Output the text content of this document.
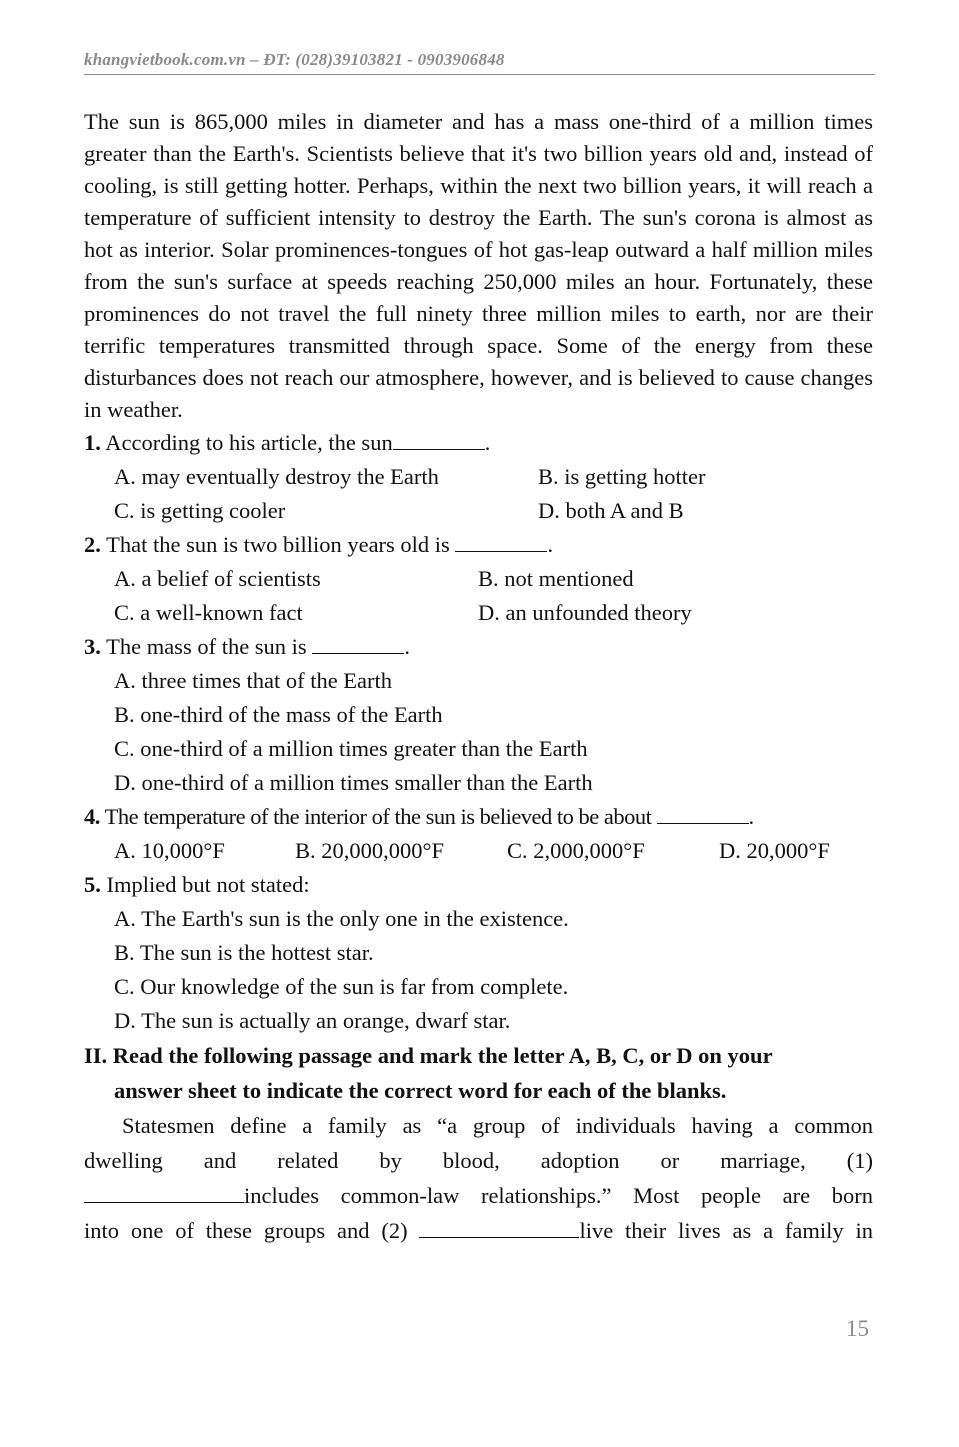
khangvietbook.com.vn – ĐT: (028)39103821 - 0903906848

The sun is 865,000 miles in diameter and has a mass one-third of a million times greater than the Earth's. Scientists believe that it's two billion years old and, instead of cooling, is still getting hotter. Perhaps, within the next two billion years, it will reach a temperature of sufficient intensity to destroy the Earth. The sun's corona is almost as hot as interior. Solar prominences-tongues of hot gas-leap outward a half million miles from the sun's surface at speeds reaching 250,000 miles an hour. Fortunately, these prominences do not travel the full ninety three million miles to earth, nor are their terrific temperatures transmitted through space. Some of the energy from these disturbances does not reach our atmosphere, however, and is believed to cause changes in weather.

1. According to his article, the sun	.

A. may eventually destroy the Earth	B. is getting hotter
C. is getting cooler	D. both A and B

2. That the sun is two billion years old is	.

A. a belief of scientists	B. not mentioned
C. a well-known fact	D. an unfounded theory

3. The mass of the sun is	.

A. three times that of the Earth
B. one-third of the mass of the Earth
C. one-third of a million times greater than the Earth
D. one-third of a million times smaller than the Earth

4. The temperature of the interior of the sun is believed to be about	.

A. 10,000°F	B. 20,000,000°F	C. 2,000,000°F	D. 20,000°F

5. Implied but not stated:

A. The Earth's sun is the only one in the existence.
B. The sun is the hottest star.
C. Our knowledge of the sun is far from complete.
D. The sun is actually an orange, dwarf star.

II. Read the following passage and mark the letter A, B, C, or D on your
answer sheet to indicate the correct word for each of the blanks.

Statesmen define a family as “a group of individuals having a common
dwelling and related by blood, adoption or marriage, (1)
includes common-law relationships.” Most people are born
into one of these groups and (2)	live their lives as a family in
15
